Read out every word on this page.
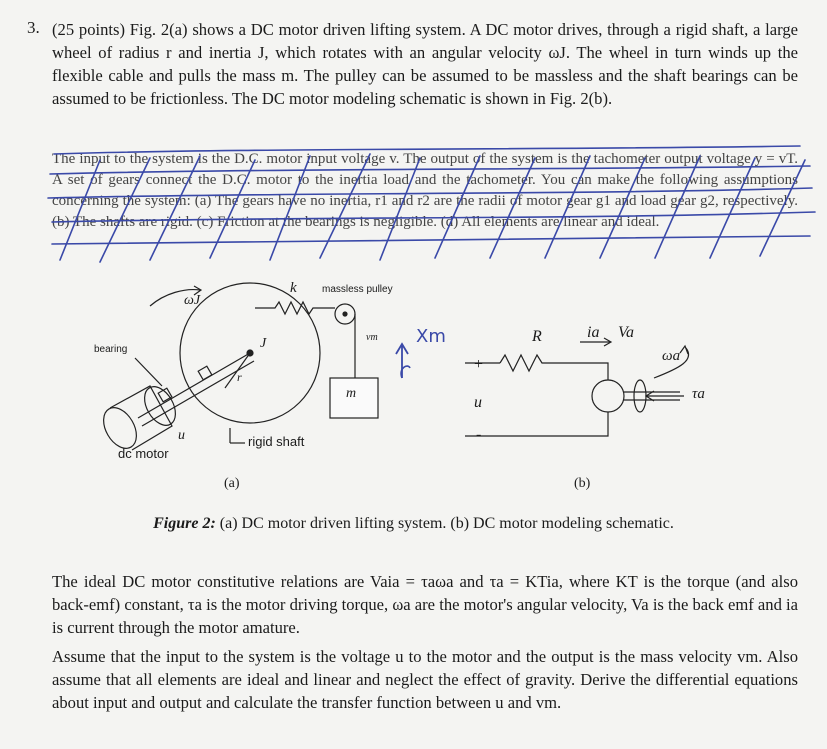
3. (25 points) Fig. 2(a) shows a DC motor driven lifting system. A DC motor drives, through a rigid shaft, a large wheel of radius r and inertia J, which rotates with an angular velocity ωJ. The wheel in turn winds up the flexible cable and pulls the mass m. The pulley can be assumed to be massless and the shaft bearings can be assumed to be frictionless. The DC motor modeling schematic is shown in Fig. 2(b).
The input to the system is the D.C. motor input voltage v. The output of the system is the tachometer output voltage y = vT. A set of gears connect the D.C. motor to the inertia load and the tachometer. You can make the following assumptions concerning the system: (a) The gears have no inertia, r1 and r2 are the radii of motor gear g1 and load gear g2, respectively. (b) The shafts are rigid. (c) Friction at the bearings is negligible. (d) All elements are linear and ideal.
ωJ
k	massless pulley
bearing	J
r
vm
m
u	rigid shaft
dc motor
(a)
Xm
+
u
-
R	ia Va
ωa
τa
(b)
Figure 2: (a) DC motor driven lifting system. (b) DC motor modeling schematic.
The ideal DC motor constitutive relations are Vaia = τaωa and τa = KTia, where KT is the torque (and also back-emf) constant, τa is the motor driving torque, ωa are the motor's angular velocity, Va is the back emf and ia is current through the motor amature.
Assume that the input to the system is the voltage u to the motor and the output is the mass velocity vm. Also assume that all elements are ideal and linear and neglect the effect of gravity. Derive the differential equations about input and output and calculate the transfer function between u and vm.
